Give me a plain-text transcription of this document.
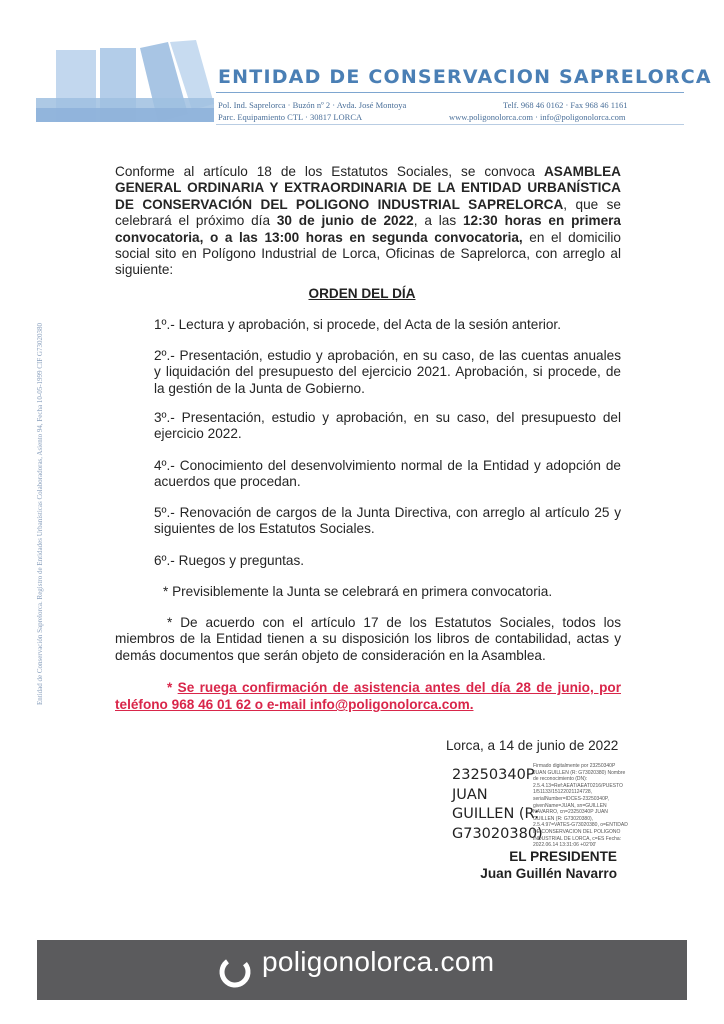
ENTIDAD DE CONSERVACION SAPRELORCA
Pol. Ind. Saprelorca · Buzón nº 2 · Avda. José Montoya	Telf. 968 46 0162 · Fax 968 46 1161
Parc. Equipamiento CTL · 30817 LORCA	www.poligonolorca.com · info@poligonolorca.com
Entidad de Conservación Saprelorca. Registro de Entidades Urbanísticas Colaboradoras, Asiento 94, Fecha 10-05-1999 CIF G73020380
Conforme al artículo 18 de los Estatutos Sociales, se convoca ASAMBLEA GENERAL ORDINARIA Y EXTRAORDINARIA DE LA ENTIDAD URBANÍSTICA DE CONSERVACIÓN DEL POLIGONO INDUSTRIAL SAPRELORCA, que se celebrará el próximo día 30 de junio de 2022, a las 12:30 horas en primera convocatoria, o a las 13:00 horas en segunda convocatoria, en el domicilio social sito en Polígono Industrial de Lorca, Oficinas de Saprelorca, con arreglo al siguiente:
ORDEN DEL DÍA
1º.- Lectura y aprobación, si procede, del Acta de la sesión anterior.
2º.- Presentación, estudio y aprobación, en su caso, de las cuentas anuales y liquidación del presupuesto del ejercicio 2021. Aprobación, si procede, de la gestión de la Junta de Gobierno.
3º.- Presentación, estudio y aprobación, en su caso, del presupuesto del ejercicio 2022.
4º.- Conocimiento del desenvolvimiento normal de la Entidad y adopción de acuerdos que procedan.
5º.- Renovación de cargos de la Junta Directiva, con arreglo al artículo 25 y siguientes de los Estatutos Sociales.
6º.- Ruegos y preguntas.
* Previsiblemente la Junta se celebrará en primera convocatoria.
* De acuerdo con el artículo 17 de los Estatutos Sociales, todos los miembros de la Entidad tienen a su disposición los libros de contabilidad, actas y demás documentos que serán objeto de consideración en la Asamblea.
* Se ruega confirmación de asistencia antes del día 28 de junio, por teléfono 968 46 01 62 o e-mail info@poligonolorca.com.
Lorca, a 14 de junio de 2022
23250340P
JUAN
GUILLEN (R:
G73020380)
Firmado digitalmente por 23250340P JUAN GUILLEN (R: G73020380) Nombre de reconocimiento (DN): 2.5.4.13=Ref:AEAT/AEAT0216/PUESTO 1/51133/15122021124728, serialNumber=IDCES-23250340P, givenName=JUAN, sn=GUILLEN NAVARRO, cn=23250340P JUAN GUILLEN (R: G73020380), 2.5.4.97=VATES-G73020380, o=ENTIDAD DE CONSERVACION DEL POLIGONO INDUSTRIAL DE LORCA, c=ES Fecha: 2022.06.14 13:31:06 +02'00'
EL PRESIDENTE
Juan Guillén Navarro
poligonolorca.com
